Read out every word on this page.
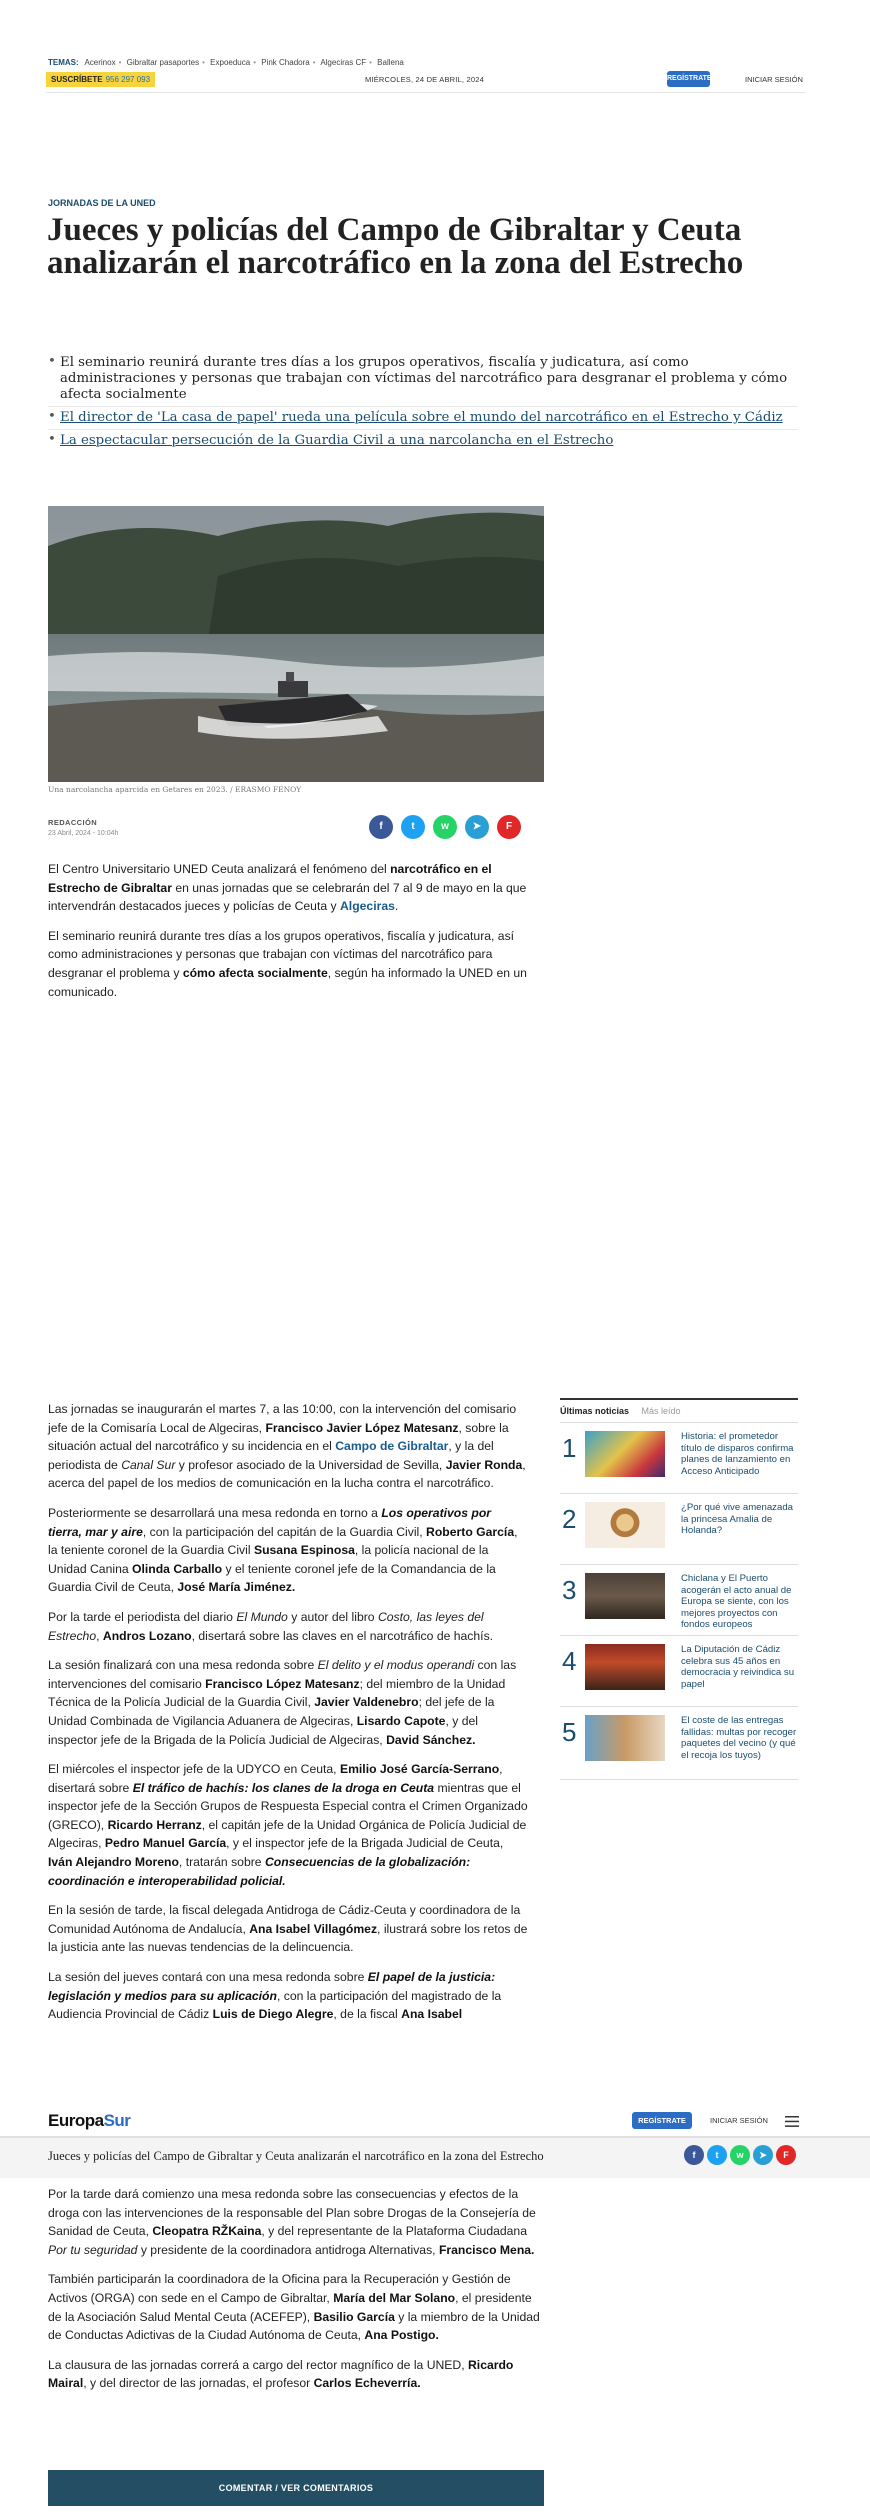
TEMAS: Acerinox • Gibraltar pasaportes • Expoeduca • Pink Chadora • Algeciras CF • Ballena
SUSCRÍBETE 956 297 093	MIÉRCOLES, 24 DE ABRIL, 2024	REGÍSTRATE	INICIAR SESIÓN
JORNADAS DE LA UNED
Jueces y policías del Campo de Gibraltar y Ceuta analizarán el narcotráfico en la zona del Estrecho
• El seminario reunirá durante tres días a los grupos operativos, fiscalía y judicatura, así como administraciones y personas que trabajan con víctimas del narcotráfico para desgranar el problema y cómo afecta socialmente
• El director de 'La casa de papel' rueda una película sobre el mundo del narcotráfico en el Estrecho y Cádiz
• La espectacular persecución de la Guardia Civil a una narcolancha en el Estrecho
Una narcolancha aparcida en Getares en 2023. / ERASMO FENOY
REDACCIÓN
23 Abril, 2024 - 10:04h
f	t	w	➤	F

El Centro Universitario UNED Ceuta analizará el fenómeno del narcotráfico en el Estrecho de Gibraltar en unas jornadas que se celebrarán del 7 al 9 de mayo en la que intervendrán destacados jueces y policías de Ceuta y Algeciras.

El seminario reunirá durante tres días a los grupos operativos, fiscalía y judicatura, así como administraciones y personas que trabajan con víctimas del narcotráfico para desgranar el problema y cómo afecta socialmente, según ha informado la UNED en un comunicado.

Las jornadas se inaugurarán el martes 7, a las 10:00, con la intervención del comisario jefe de la Comisaría Local de Algeciras, Francisco Javier López Matesanz, sobre la situación actual del narcotráfico y su incidencia en el Campo de Gibraltar, y la del periodista de Canal Sur y profesor asociado de la Universidad de Sevilla, Javier Ronda, acerca del papel de los medios de comunicación en la lucha contra el narcotráfico.

Posteriormente se desarrollará una mesa redonda en torno a Los operativos por tierra, mar y aire, con la participación del capitán de la Guardia Civil, Roberto García, la teniente coronel de la Guardia Civil Susana Espinosa, la policía nacional de la Unidad Canina Olinda Carballo y el teniente coronel jefe de la Comandancia de la Guardia Civil de Ceuta, José María Jiménez.

Por la tarde el periodista del diario El Mundo y autor del libro Costo, las leyes del Estrecho, Andros Lozano, disertará sobre las claves en el narcotráfico de hachís.

La sesión finalizará con una mesa redonda sobre El delito y el modus operandi con las intervenciones del comisario Francisco López Matesanz; del miembro de la Unidad Técnica de la Policía Judicial de la Guardia Civil, Javier Valdenebro; del jefe de la Unidad Combinada de Vigilancia Aduanera de Algeciras, Lisardo Capote, y del inspector jefe de la Brigada de la Policía Judicial de Algeciras, David Sánchez.

El miércoles el inspector jefe de la UDYCO en Ceuta, Emilio José García-Serrano, disertará sobre El tráfico de hachís: los clanes de la droga en Ceuta mientras que el inspector jefe de la Sección Grupos de Respuesta Especial contra el Crimen Organizado (GRECO), Ricardo Herranz, el capitán jefe de la Unidad Orgánica de Policía Judicial de Algeciras, Pedro Manuel García, y el inspector jefe de la Brigada Judicial de Ceuta, Iván Alejandro Moreno, tratarán sobre Consecuencias de la globalización: coordinación e interoperabilidad policial.

En la sesión de tarde, la fiscal delegada Antidroga de Cádiz-Ceuta y coordinadora de la Comunidad Autónoma de Andalucía, Ana Isabel Villagómez, ilustrará sobre los retos de la justicia ante las nuevas tendencias de la delincuencia.

La sesión del jueves contará con una mesa redonda sobre El papel de la justicia: legislación y medios para su aplicación, con la participación del magistrado de la Audiencia Provincial de Cádiz Luis de Diego Alegre, de la fiscal Ana Isabel

Últimas noticias Más leído
1	Historia: el prometedor título de disparos confirma planes de lanzamiento en Acceso Anticipado
2	¿Por qué vive amenazada la princesa Amalia de Holanda?
3	Chiclana y El Puerto acogerán el acto anual de Europa se siente, con los mejores proyectos con fondos europeos
4	La Diputación de Cádiz celebra sus 45 años en democracia y reivindica su papel
5	El coste de las entregas fallidas: multas por recoger paquetes del vecino (y qué el recoja los tuyos)
EuropaSur	REGÍSTRATE	INICIAR SESIÓN
Jueces y policías del Campo de Gibraltar y Ceuta analizarán el narcotráfico en la zona del Estrecho	f	t	w	➤	F

Por la tarde dará comienzo una mesa redonda sobre las consecuencias y efectos de la droga con las intervenciones de la responsable del Plan sobre Drogas de la Consejería de Sanidad de Ceuta, Cleopatra RŽKaina, y del representante de la Plataforma Ciudadana Por tu seguridad y presidente de la coordinadora antidroga Alternativas, Francisco Mena.

También participarán la coordinadora de la Oficina para la Recuperación y Gestión de Activos (ORGA) con sede en el Campo de Gibraltar, María del Mar Solano, el presidente de la Asociación Salud Mental Ceuta (ACEFEP), Basilio García y la miembro de la Unidad de Conductas Adictivas de la Ciudad Autónoma de Ceuta, Ana Postigo.

La clausura de las jornadas correrá a cargo del rector magnífico de la UNED, Ricardo Mairal, y del director de las jornadas, el profesor Carlos Echeverría.

COMENTAR / VER COMENTARIOS
